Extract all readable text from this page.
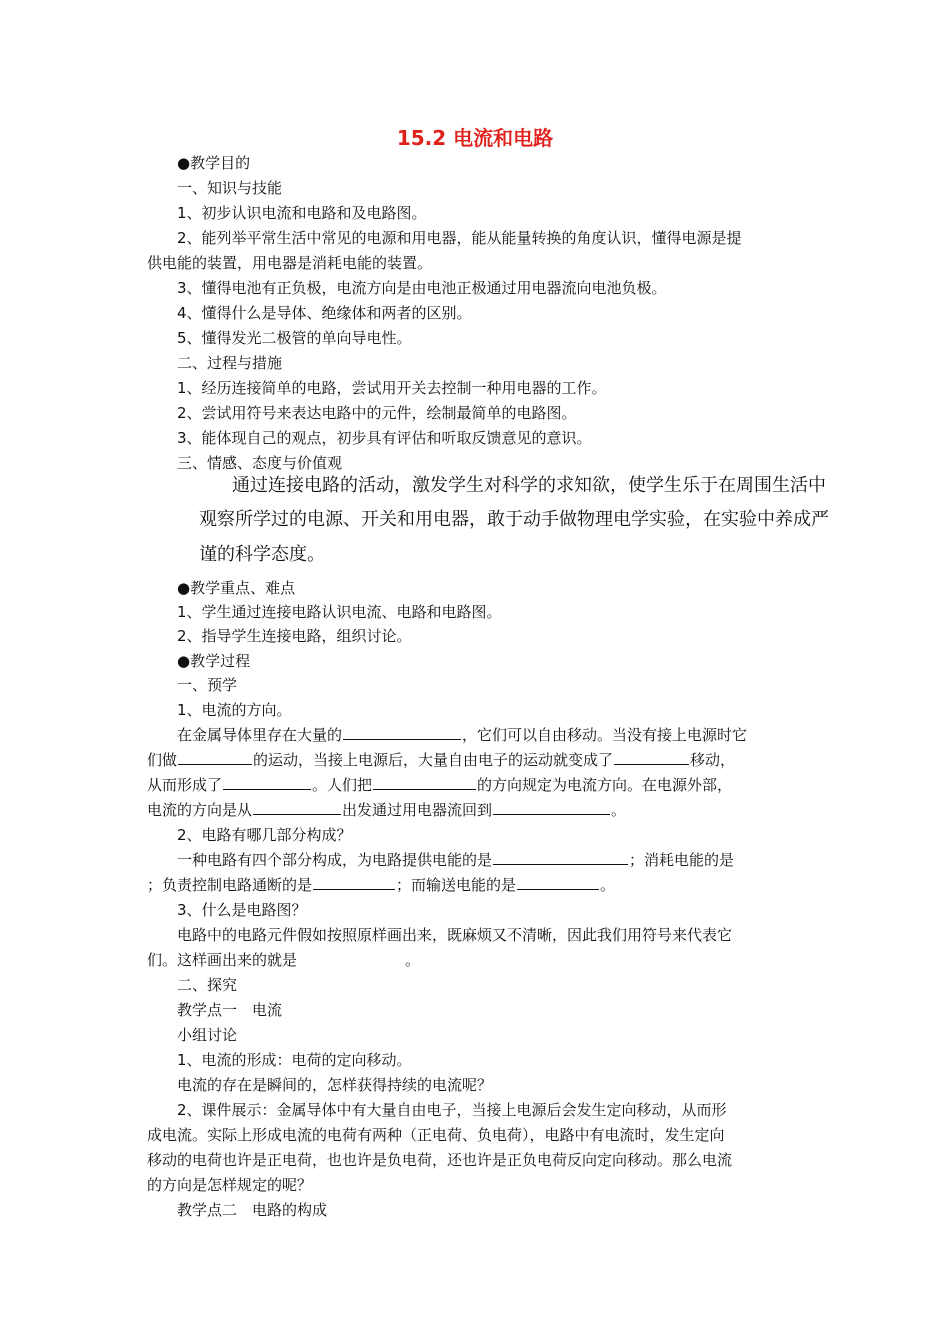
15.2 电流和电路
●教学目的
一、知识与技能
1、初步认识电流和电路和及电路图。
2、能列举平常生活中常见的电源和用电器，能从能量转换的角度认识，懂得电源是提
供电能的装置，用电器是消耗电能的装置。
3、懂得电池有正负极，电流方向是由电池正极通过用电器流向电池负极。
4、懂得什么是导体、绝缘体和两者的区别。
5、懂得发光二极管的单向导电性。
二、过程与措施
1、经历连接简单的电路，尝试用开关去控制一种用电器的工作。
2、尝试用符号来表达电路中的元件，绘制最简单的电路图。
3、能体现自己的观点，初步具有评估和听取反馈意见的意识。
三、情感、态度与价值观
通过连接电路的活动，激发学生对科学的求知欲，使学生乐于在周围生活中
观察所学过的电源、开关和用电器，敢于动手做物理电学实验，在实验中养成严
谨的科学态度。
●教学重点、难点
1、学生通过连接电路认识电流、电路和电路图。
2、指导学生连接电路，组织讨论。
●教学过程
一、预学
1、电流的方向。
在金属导体里存在大量的	，它们可以自由移动。当没有接上电源时它
们做	的运动，当接上电源后，大量自由电子的运动就变成了	移动，
从而形成了	。人们把	的方向规定为电流方向。在电源外部，
电流的方向是从	出发通过用电器流回到	。
2、电路有哪几部分构成？
一种电路有四个部分构成，为电路提供电能的是	；消耗电能的是
；负责控制电路通断的是	；而输送电能的是	。
3、什么是电路图？
电路中的电路元件假如按照原样画出来，既麻烦又不清晰，因此我们用符号来代表它
们。这样画出来的就是	。
二、探究
教学点一　电流
小组讨论
1、电流的形成：电荷的定向移动。
电流的存在是瞬间的，怎样获得持续的电流呢？
2、课件展示：金属导体中有大量自由电子，当接上电源后会发生定向移动，从而形
成电流。实际上形成电流的电荷有两种（正电荷、负电荷），电路中有电流时，发生定向
移动的电荷也许是正电荷，也也许是负电荷，还也许是正负电荷反向定向移动。那么电流
的方向是怎样规定的呢？
教学点二　电路的构成
